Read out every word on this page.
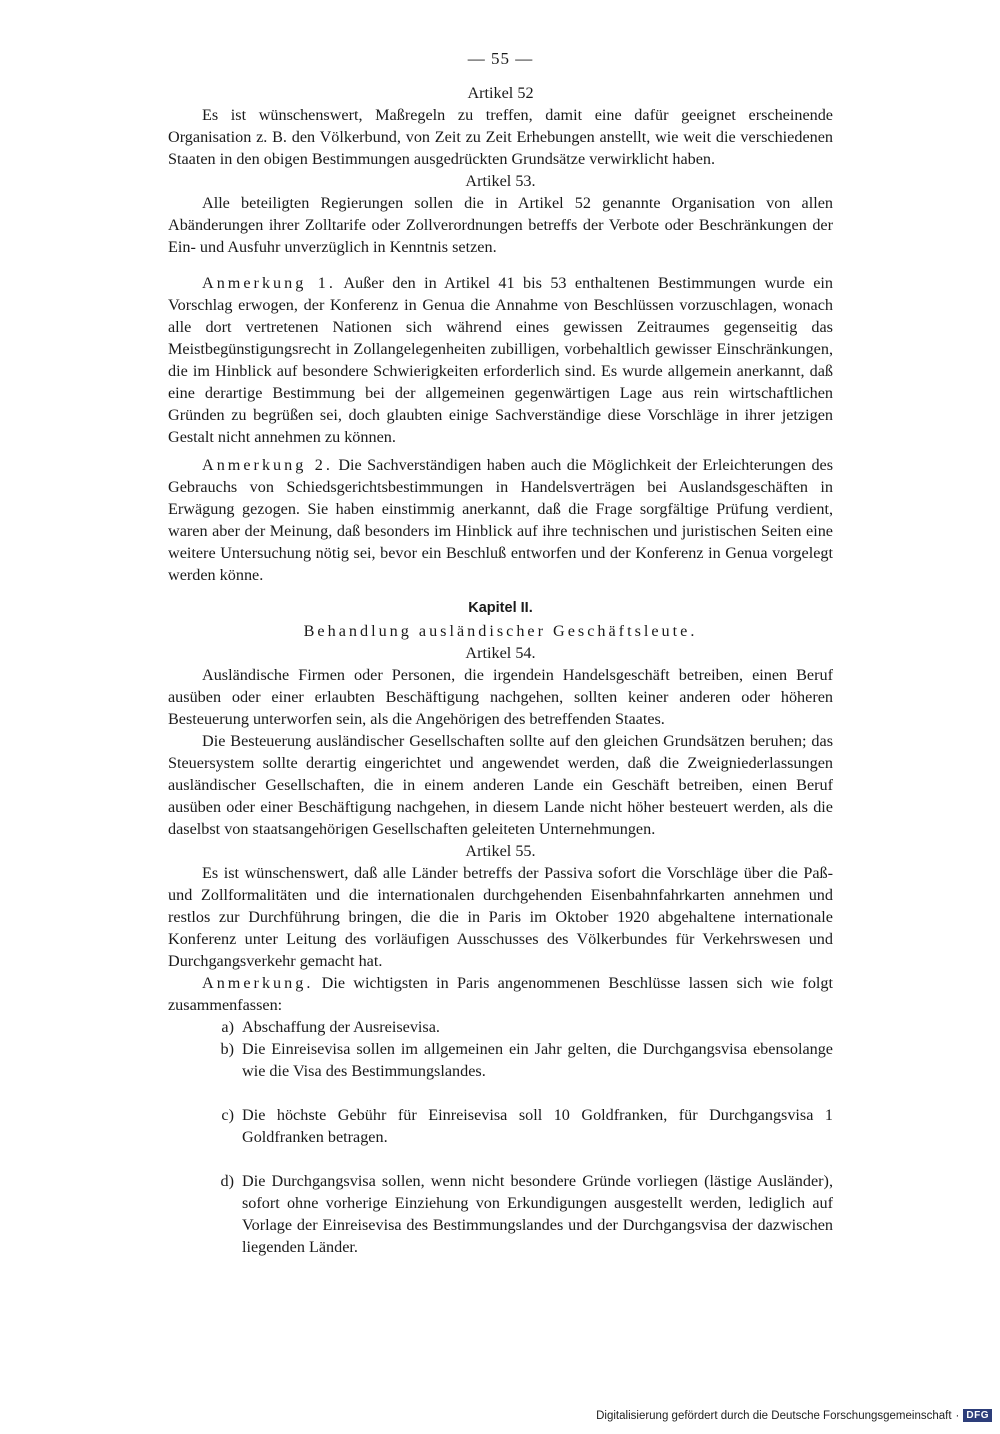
— 55 —
Artikel 52

Es ist wünschenswert, Maßregeln zu treffen, damit eine dafür geeignet erscheinende Organisation z. B. den Völkerbund, von Zeit zu Zeit Erhebungen anstellt, wie weit die verschiedenen Staaten in den obigen Bestimmungen ausgedrückten Grundsätze verwirklicht haben.

Artikel 53.

Alle beteiligten Regierungen sollen die in Artikel 52 genannte Organisation von allen Abänderungen ihrer Zolltarife oder Zollverordnungen betreffs der Verbote oder Beschränkungen der Ein- und Ausfuhr unverzüglich in Kenntnis setzen.

Anmerkung 1. Außer den in Artikel 41 bis 53 enthaltenen Bestimmungen wurde ein Vorschlag erwogen, der Konferenz in Genua die Annahme von Beschlüssen vorzuschlagen, wonach alle dort vertretenen Nationen sich während eines gewissen Zeitraumes gegenseitig das Meistbegünstigungsrecht in Zollangelegenheiten zubilligen, vorbehaltlich gewisser Einschränkungen, die im Hinblick auf besondere Schwierigkeiten erforderlich sind. Es wurde allgemein anerkannt, daß eine derartige Bestimmung bei der allgemeinen gegenwärtigen Lage aus rein wirtschaftlichen Gründen zu begrüßen sei, doch glaubten einige Sachverständige diese Vorschläge in ihrer jetzigen Gestalt nicht annehmen zu können.

Anmerkung 2. Die Sachverständigen haben auch die Möglichkeit der Erleichterungen des Gebrauchs von Schiedsgerichtsbestimmungen in Handelsverträgen bei Auslandsgeschäften in Erwägung gezogen. Sie haben einstimmig anerkannt, daß die Frage sorgfältige Prüfung verdient, waren aber der Meinung, daß besonders im Hinblick auf ihre technischen und juristischen Seiten eine weitere Untersuchung nötig sei, bevor ein Beschluß entworfen und der Konferenz in Genua vorgelegt werden könne.

Kapitel II.
Behandlung ausländischer Geschäftsleute.
Artikel 54.

Ausländische Firmen oder Personen, die irgendein Handelsgeschäft betreiben, einen Beruf ausüben oder einer erlaubten Beschäftigung nachgehen, sollten keiner anderen oder höheren Besteuerung unterworfen sein, als die Angehörigen des betreffenden Staates.

Die Besteuerung ausländischer Gesellschaften sollte auf den gleichen Grundsätzen beruhen; das Steuersystem sollte derartig eingerichtet und angewendet werden, daß die Zweigniederlassungen ausländischer Gesellschaften, die in einem anderen Lande ein Geschäft betreiben, einen Beruf ausüben oder einer Beschäftigung nachgehen, in diesem Lande nicht höher besteuert werden, als die daselbst von staatsangehörigen Gesellschaften geleiteten Unternehmungen.

Artikel 55.

Es ist wünschenswert, daß alle Länder betreffs der Passiva sofort die Vorschläge über die Paß- und Zollformalitäten und die internationalen durchgehenden Eisenbahnfahrkarten annehmen und restlos zur Durchführung bringen, die die in Paris im Oktober 1920 abgehaltene internationale Konferenz unter Leitung des vorläufigen Ausschusses des Völkerbundes für Verkehrswesen und Durchgangsverkehr gemacht hat.

Anmerkung. Die wichtigsten in Paris angenommenen Beschlüsse lassen sich wie folgt zusammenfassen:

a) Abschaffung der Ausreisevisa.
b) Die Einreisevisa sollen im allgemeinen ein Jahr gelten, die Durchgangsvisa ebensolange wie die Visa des Bestimmungslandes.
c) Die höchste Gebühr für Einreisevisa soll 10 Goldfranken, für Durchgangsvisa 1 Goldfranken betragen.
d) Die Durchgangsvisa sollen, wenn nicht besondere Gründe vorliegen (lästige Ausländer), sofort ohne vorherige Einziehung von Erkundigungen ausgestellt werden, lediglich auf Vorlage der Einreisevisa des Bestimmungslandes und der Durchgangsvisa der dazwischen liegenden Länder.
Digitalisierung gefördert durch die Deutsche Forschungsgemeinschaft · DFG
